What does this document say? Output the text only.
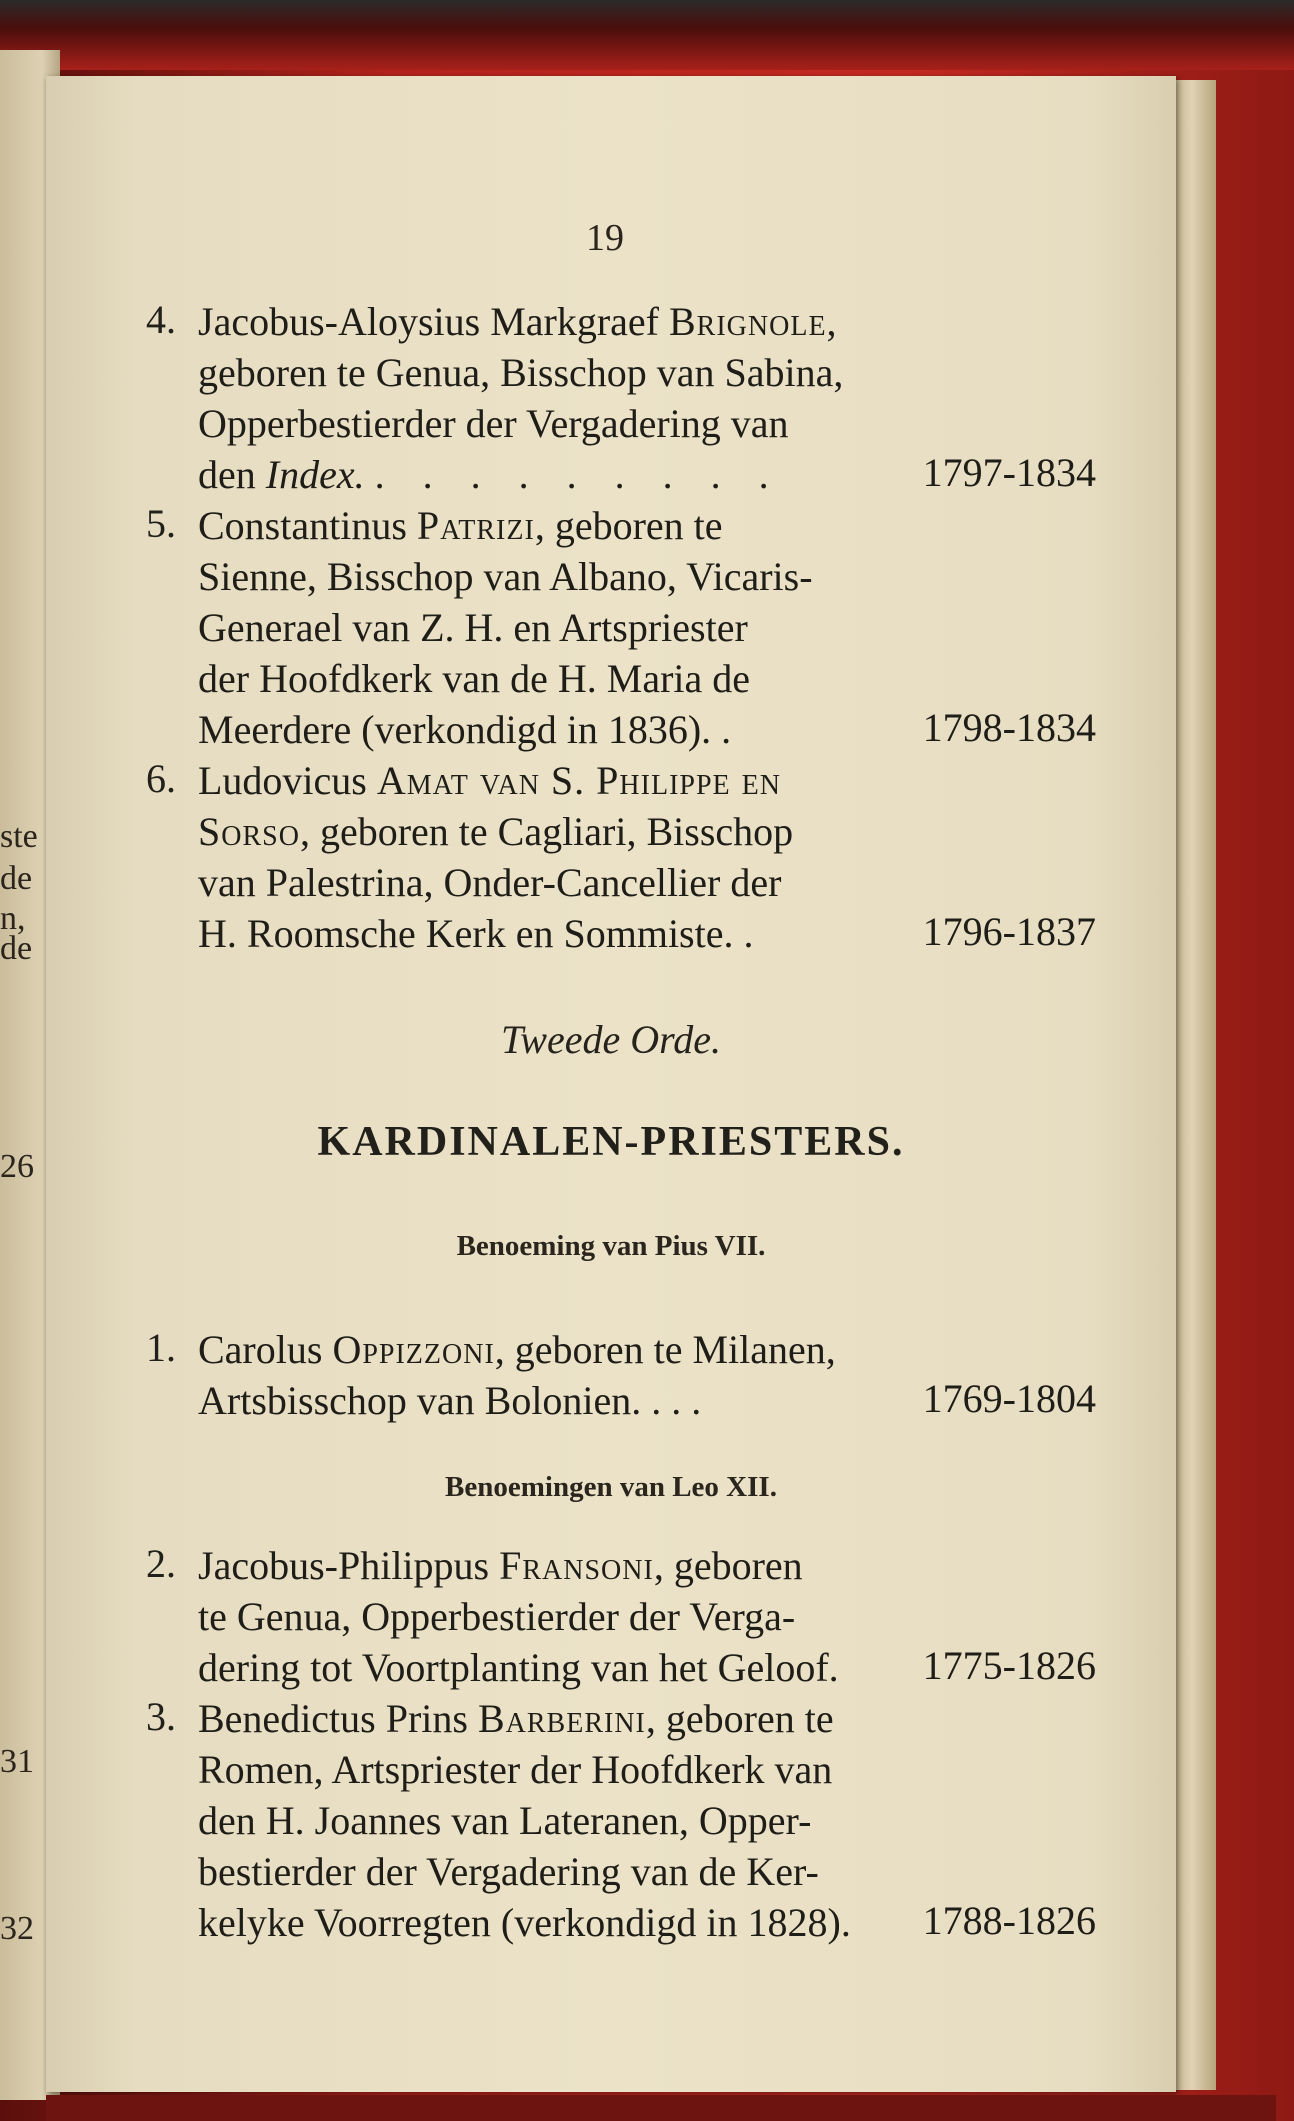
ste
de
n,
de
26
31
32
19
4. Jacobus-Aloysius Markgraef Brignole,
geboren te Genua, Bisschop van Sabina,
Opperbestierder der Vergadering van
den Index. . . . . . . . . .	1797-1834
5. Constantinus Patrizi, geboren te
Sienne, Bisschop van Albano, Vicaris-
Generael van Z. H. en Artspriester
der Hoofdkerk van de H. Maria de
Meerdere (verkondigd in 1836). .	1798-1834
6. Ludovicus Amat van S. Philippe en
Sorso, geboren te Cagliari, Bisschop
van Palestrina, Onder-Cancellier der
H. Roomsche Kerk en Sommiste. .	1796-1837
Tweede Orde.
KARDINALEN-PRIESTERS.
Benoeming van Pius VII.
1. Carolus Oppizzoni, geboren te Milanen,
Artsbisschop van Bolonien. . . .	1769-1804
Benoemingen van Leo XII.
2. Jacobus-Philippus Fransoni, geboren
te Genua, Opperbestierder der Verga-
dering tot Voortplanting van het Geloof.	1775-1826
3. Benedictus Prins Barberini, geboren te
Romen, Artspriester der Hoofdkerk van
den H. Joannes van Lateranen, Opper-
bestierder der Vergadering van de Ker-
kelyke Voorregten (verkondigd in 1828).	1788-1826
